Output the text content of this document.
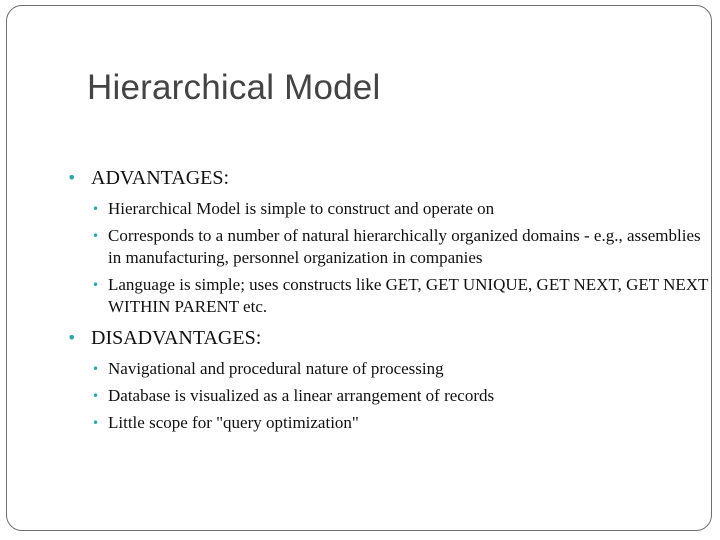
Hierarchical Model
• ADVANTAGES:
• Hierarchical Model is simple to construct and operate on
• Corresponds to a number of natural hierarchically organized domains - e.g., assemblies in manufacturing, personnel organization in companies
• Language is simple; uses constructs like GET, GET UNIQUE, GET NEXT, GET NEXT WITHIN PARENT etc.
• DISADVANTAGES:
• Navigational and procedural nature of processing
• Database is visualized as a linear arrangement of records
• Little scope for "query optimization"
